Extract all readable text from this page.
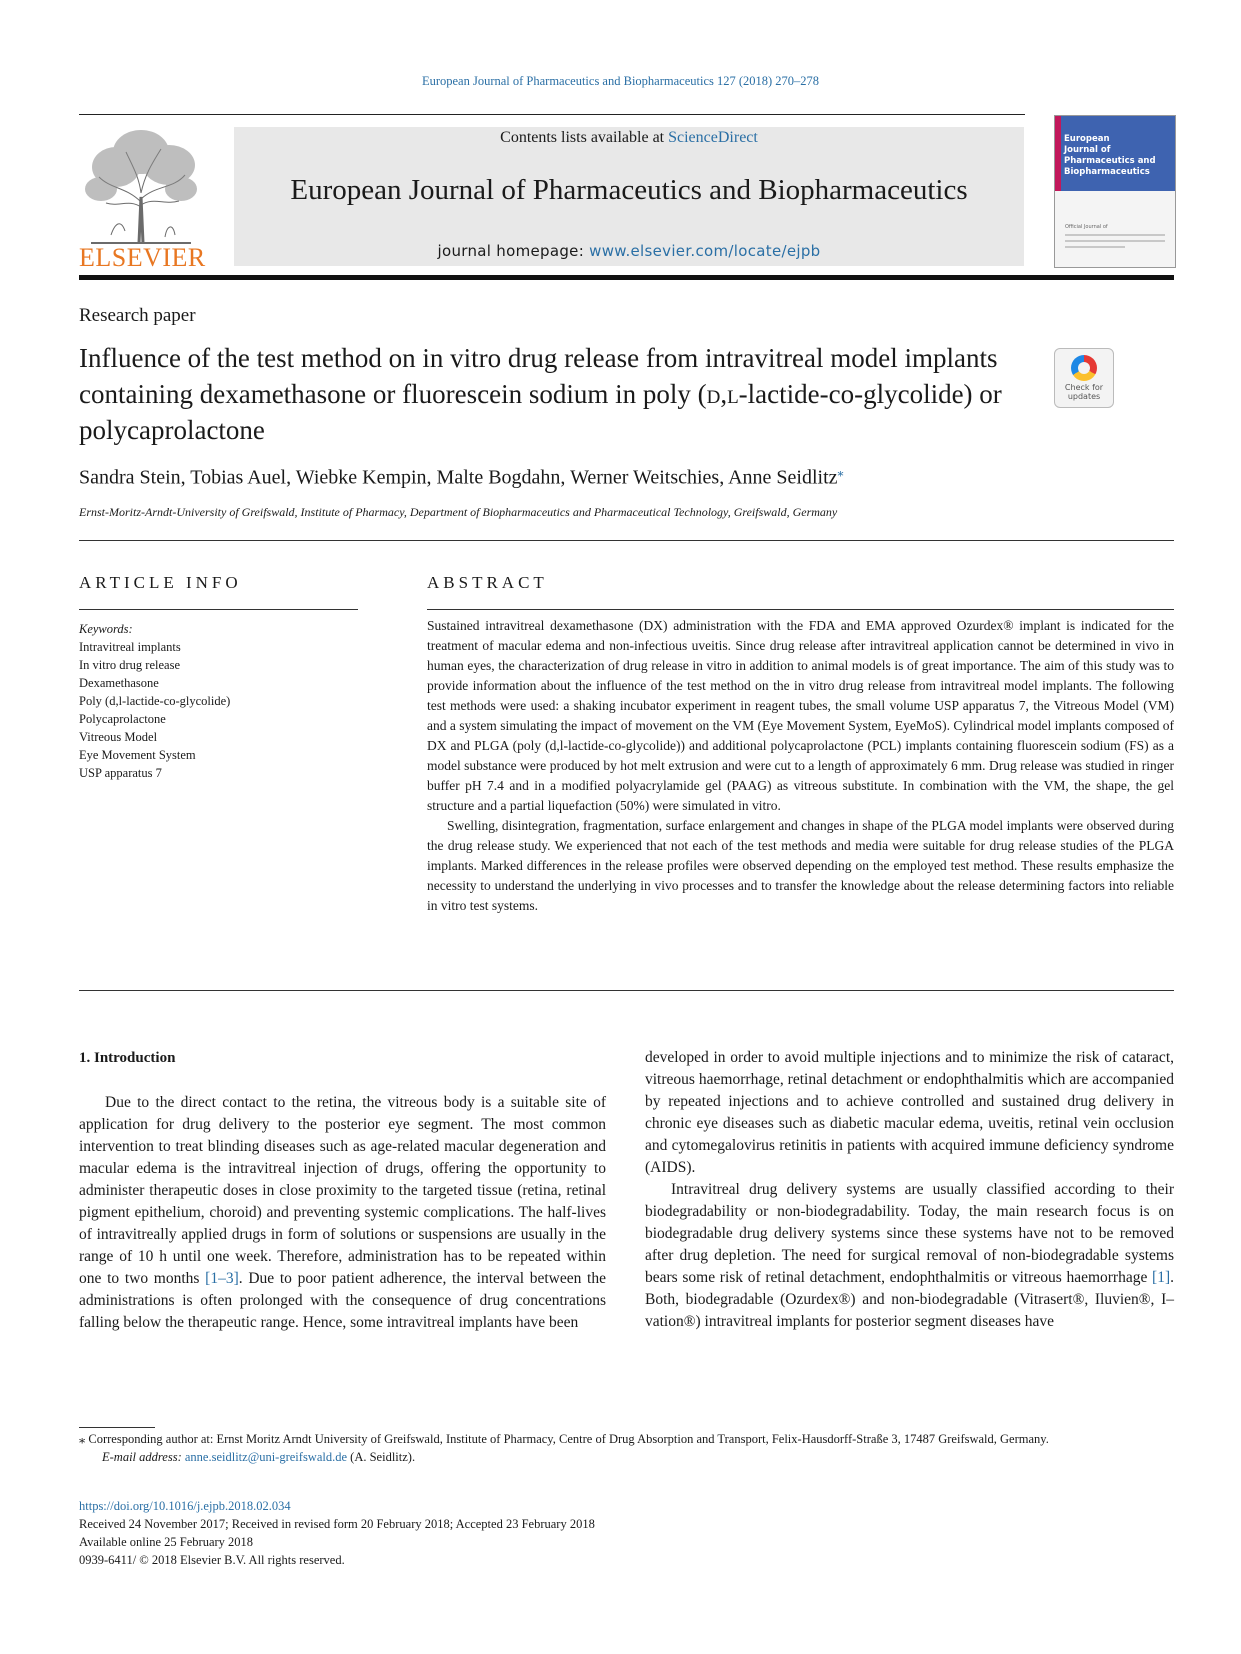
European Journal of Pharmaceutics and Biopharmaceutics 127 (2018) 270–278
ELSEVIER
Contents lists available at ScienceDirect
European Journal of Pharmaceutics and Biopharmaceutics
journal homepage: www.elsevier.com/locate/ejpb
European
Journal of
Pharmaceutics and
Biopharmaceutics
Official Journal of
Research paper
Influence of the test method on in vitro drug release from intravitreal model implants containing dexamethasone or fluorescein sodium in poly (d,l-lactide-co-glycolide) or polycaprolactone
Check for updates
Sandra Stein, Tobias Auel, Wiebke Kempin, Malte Bogdahn, Werner Weitschies, Anne Seidlitz⁎
Ernst-Moritz-Arndt-University of Greifswald, Institute of Pharmacy, Department of Biopharmaceutics and Pharmaceutical Technology, Greifswald, Germany
ARTICLE INFO
Keywords:
Intravitreal implants
In vitro drug release
Dexamethasone
Poly (d,l-lactide-co-glycolide)
Polycaprolactone
Vitreous Model
Eye Movement System
USP apparatus 7
ABSTRACT

Sustained intravitreal dexamethasone (DX) administration with the FDA and EMA approved Ozurdex® implant is indicated for the treatment of macular edema and non-infectious uveitis. Since drug release after intravitreal application cannot be determined in vivo in human eyes, the characterization of drug release in vitro in addition to animal models is of great importance. The aim of this study was to provide information about the influence of the test method on the in vitro drug release from intravitreal model implants. The following test methods were used: a shaking incubator experiment in reagent tubes, the small volume USP apparatus 7, the Vitreous Model (VM) and a system simulating the impact of movement on the VM (Eye Movement System, EyeMoS). Cylindrical model implants composed of DX and PLGA (poly (d,l-lactide-co-glycolide)) and additional polycaprolactone (PCL) implants containing fluorescein sodium (FS) as a model substance were produced by hot melt extrusion and were cut to a length of approximately 6 mm. Drug release was studied in ringer buffer pH 7.4 and in a modified polyacrylamide gel (PAAG) as vitreous substitute. In combination with the VM, the shape, the gel structure and a partial liquefaction (50%) were simulated in vitro.

Swelling, disintegration, fragmentation, surface enlargement and changes in shape of the PLGA model implants were observed during the drug release study. We experienced that not each of the test methods and media were suitable for drug release studies of the PLGA implants. Marked differences in the release profiles were observed depending on the employed test method. These results emphasize the necessity to understand the underlying in vivo processes and to transfer the knowledge about the release determining factors into reliable in vitro test systems.

1. Introduction

Due to the direct contact to the retina, the vitreous body is a suitable site of application for drug delivery to the posterior eye segment. The most common intervention to treat blinding diseases such as age-related macular degeneration and macular edema is the intravitreal injection of drugs, offering the opportunity to administer therapeutic doses in close proximity to the targeted tissue (retina, retinal pigment epithelium, choroid) and preventing systemic complications. The half-lives of intravitreally applied drugs in form of solutions or suspensions are usually in the range of 10 h until one week. Therefore, administration has to be repeated within one to two months [1–3]. Due to poor patient adherence, the interval between the administrations is often prolonged with the consequence of drug concentrations falling below the therapeutic range. Hence, some intravitreal implants have been

developed in order to avoid multiple injections and to minimize the risk of cataract, vitreous haemorrhage, retinal detachment or endophthalmitis which are accompanied by repeated injections and to achieve controlled and sustained drug delivery in chronic eye diseases such as diabetic macular edema, uveitis, retinal vein occlusion and cytomegalovirus retinitis in patients with acquired immune deficiency syndrome (AIDS).

Intravitreal drug delivery systems are usually classified according to their biodegradability or non-biodegradability. Today, the main research focus is on biodegradable drug delivery systems since these systems have not to be removed after drug depletion. The need for surgical removal of non-biodegradable systems bears some risk of retinal detachment, endophthalmitis or vitreous haemorrhage [1]. Both, biodegradable (Ozurdex®) and non-biodegradable (Vitrasert®, Iluvien®, I–vation®) intravitreal implants for posterior segment diseases have

⁎ Corresponding author at: Ernst Moritz Arndt University of Greifswald, Institute of Pharmacy, Centre of Drug Absorption and Transport, Felix-Hausdorff-Straße 3, 17487 Greifswald, Germany.

E-mail address: anne.seidlitz@uni-greifswald.de (A. Seidlitz).

https://doi.org/10.1016/j.ejpb.2018.02.034
Received 24 November 2017; Received in revised form 20 February 2018; Accepted 23 February 2018
Available online 25 February 2018
0939-6411/ © 2018 Elsevier B.V. All rights reserved.
